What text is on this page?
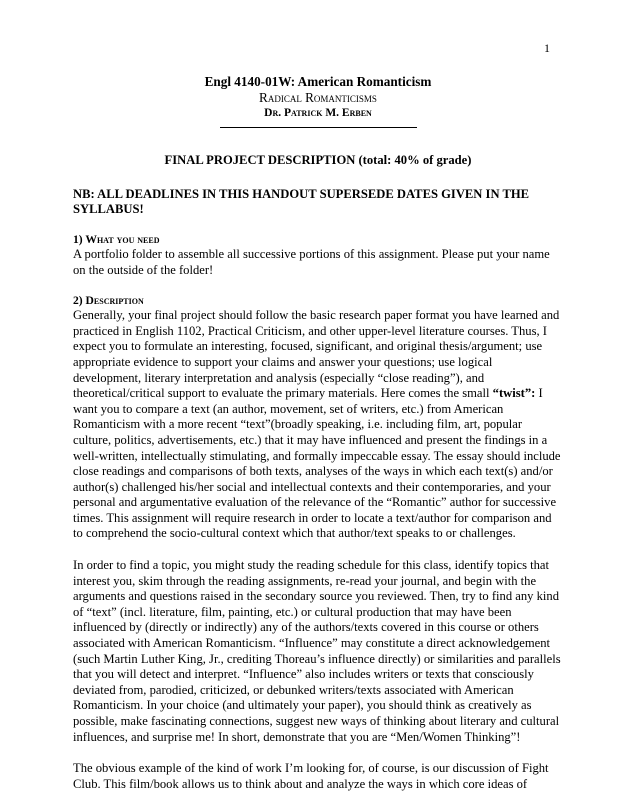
1
Engl 4140-01W: American Romanticism
Radical Romanticisms
Dr. Patrick M. Erben
FINAL PROJECT DESCRIPTION (total: 40% of grade)
NB: ALL DEADLINES IN THIS HANDOUT SUPERSEDE DATES GIVEN IN THE SYLLABUS!
1) What you need

A portfolio folder to assemble all successive portions of this assignment. Please put your name on the outside of the folder!

2) Description

Generally, your final project should follow the basic research paper format you have learned and practiced in English 1102, Practical Criticism, and other upper-level literature courses. Thus, I expect you to formulate an interesting, focused, significant, and original thesis/argument; use appropriate evidence to support your claims and answer your questions; use logical development, literary interpretation and analysis (especially “close reading”), and theoretical/critical support to evaluate the primary materials. Here comes the small “twist”: I want you to compare a text (an author, movement, set of writers, etc.) from American Romanticism with a more recent “text”(broadly speaking, i.e. including film, art, popular culture, politics, advertisements, etc.) that it may have influenced and present the findings in a well-written, intellectually stimulating, and formally impeccable essay. The essay should include close readings and comparisons of both texts, analyses of the ways in which each text(s) and/or author(s) challenged his/her social and intellectual contexts and their contemporaries, and your personal and argumentative evaluation of the relevance of the “Romantic” author for successive times. This assignment will require research in order to locate a text/author for comparison and to comprehend the socio-cultural context which that author/text speaks to or challenges.

In order to find a topic, you might study the reading schedule for this class, identify topics that interest you, skim through the reading assignments, re-read your journal, and begin with the arguments and questions raised in the secondary source you reviewed. Then, try to find any kind of “text” (incl. literature, film, painting, etc.) or cultural production that may have been influenced by (directly or indirectly) any of the authors/texts covered in this course or others associated with American Romanticism. “Influence” may constitute a direct acknowledgement (such Martin Luther King, Jr., crediting Thoreau’s influence directly) or similarities and parallels that you will detect and interpret. “Influence” also includes writers or texts that consciously deviated from, parodied, criticized, or debunked writers/texts associated with American Romanticism. In your choice (and ultimately your paper), you should think as creatively as possible, make fascinating connections, suggest new ways of thinking about literary and cultural influences, and surprise me! In short, demonstrate that you are “Men/Women Thinking”!

The obvious example of the kind of work I’m looking for, of course, is our discussion of Fight Club. This film/book allows us to think about and analyze the ways in which core ideas of
